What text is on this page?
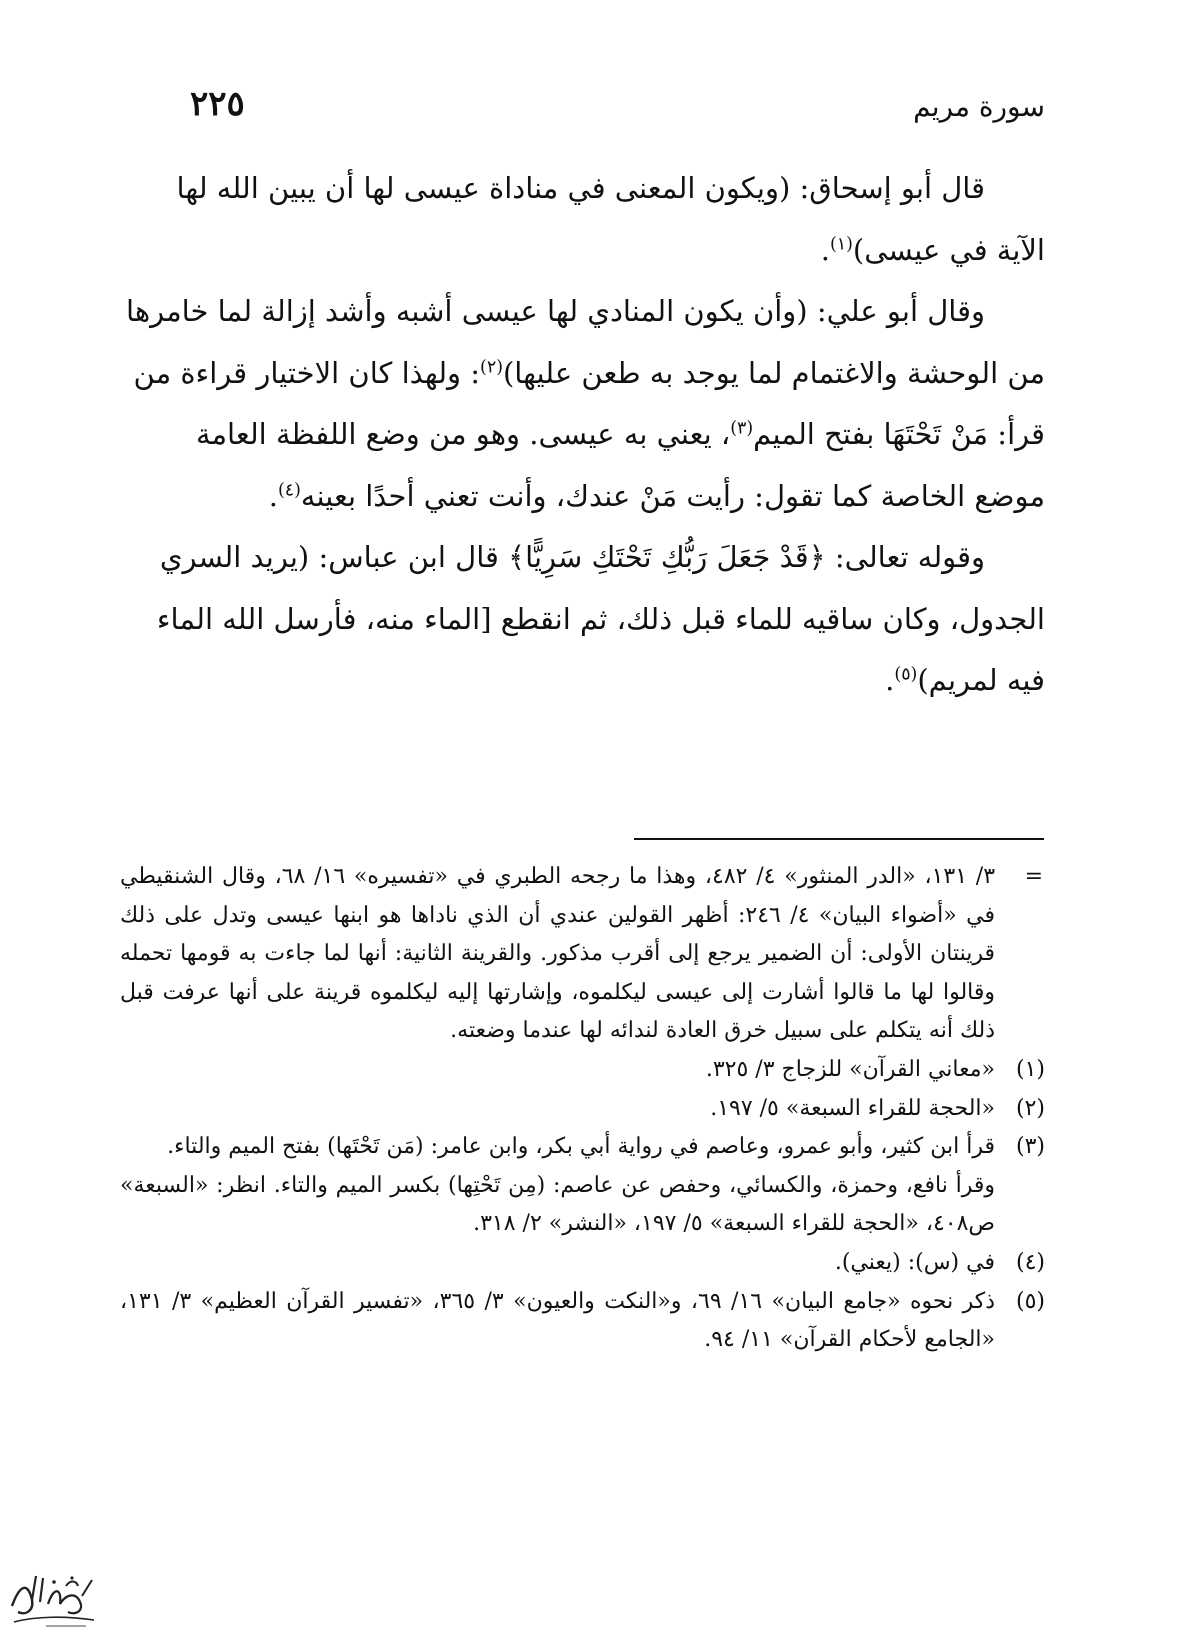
٢٢٥	سورة مريم

قال أبو إسحاق: (ويكون المعنى في مناداة عيسى لها أن يبين الله لها الآية في عيسى)$^{(١)}$.

وقال أبو علي: (وأن يكون المنادي لها عيسى أشبه وأشد إزالة لما خامرها من الوحشة والاغتمام لما يوجد به طعن عليها)$^{(٢)}$: ولهذا كان الاختيار قراءة من قرأ: مَنْ تَحْتَهَا بفتح الميم$^{(٣)}$، يعني به عيسى. وهو من وضع اللفظة العامة موضع الخاصة كما تقول: رأيت مَنْ عندك، وأنت تعني أحدًا بعينه$^{(٤)}$.

وقوله تعالى: ﴿قَدْ جَعَلَ رَبُّكِ تَحْتَكِ سَرِيًّا﴾ قال ابن عباس: (يريد السري الجدول، وكان ساقيه للماء قبل ذلك، ثم انقطع [الماء منه، فأرسل الله الماء فيه لمريم)$^{(٥)}$.

=
٣/ ١٣١، «الدر المنثور» ٤/ ٤٨٢، وهذا ما رجحه الطبري في «تفسيره» ١٦/ ٦٨، وقال الشنقيطي في «أضواء البيان» ٤/ ٢٤٦: أظهر القولين عندي أن الذي ناداها هو ابنها عيسى وتدل على ذلك قرينتان الأولى: أن الضمير يرجع إلى أقرب مذكور. والقرينة الثانية: أنها لما جاءت به قومها تحمله وقالوا لها ما قالوا أشارت إلى عيسى ليكلموه، وإشارتها إليه ليكلموه قرينة على أنها عرفت قبل ذلك أنه يتكلم على سبيل خرق العادة لندائه لها عندما وضعته.

(١)
«معاني القرآن» للزجاج ٣/ ٣٢٥.

(٢)
«الحجة للقراء السبعة» ٥/ ١٩٧.

(٣)
قرأ ابن كثير، وأبو عمرو، وعاصم في رواية أبي بكر، وابن عامر: (مَن تَحْتَها) بفتح الميم والتاء.

وقرأ نافع، وحمزة، والكسائي، وحفص عن عاصم: (مِن تَحْتِها) بكسر الميم والتاء. انظر: «السبعة» ص٤٠٨، «الحجة للقراء السبعة» ٥/ ١٩٧، «النشر» ٢/ ٣١٨.

(٤)
في (س): (يعني).

(٥)
ذكر نحوه «جامع البيان» ١٦/ ٦٩، و«النكت والعيون» ٣/ ٣٦٥، «تفسير القرآن العظيم» ٣/ ١٣١، «الجامع لأحكام القرآن» ١١/ ٩٤.
